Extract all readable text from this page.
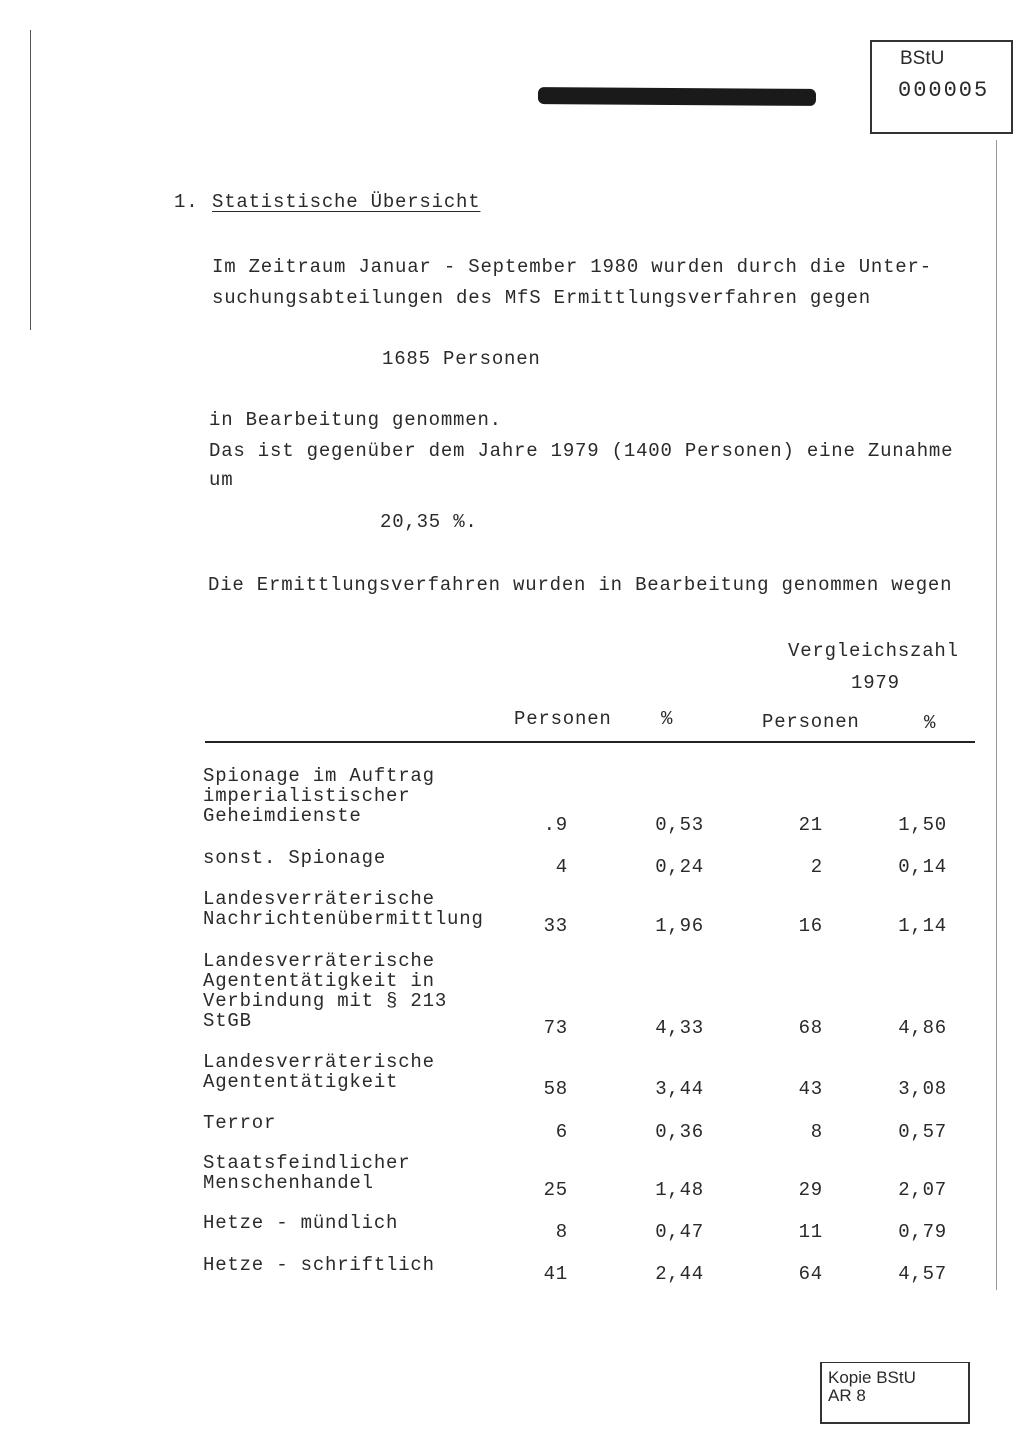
BStU
000005
1. Statistische Übersicht
Im Zeitraum Januar - September 1980 wurden durch die Unter-
suchungsabteilungen des MfS Ermittlungsverfahren gegen
1685 Personen
in Bearbeitung genommen.
Das ist gegenüber dem Jahre 1979 (1400 Personen) eine Zunahme
um
20,35 %.
Die Ermittlungsverfahren wurden in Bearbeitung genommen wegen
Vergleichszahl
1979
Personen	%	Personen	%
Spionage im Auftrag
imperialistischer
Geheimdienste	.9	0,53	21	1,50
sonst. Spionage	4	0,24	2	0,14
Landesverräterische
Nachrichtenübermittlung	33	1,96	16	1,14
Landesverräterische
Agententätigkeit in
Verbindung mit § 213
StGB	73	4,33	68	4,86
Landesverräterische
Agententätigkeit	58	3,44	43	3,08
Terror	6	0,36	8	0,57
Staatsfeindlicher
Menschenhandel	25	1,48	29	2,07
Hetze - mündlich	8	0,47	11	0,79
Hetze - schriftlich	41	2,44	64	4,57
Kopie BStU
AR 8
